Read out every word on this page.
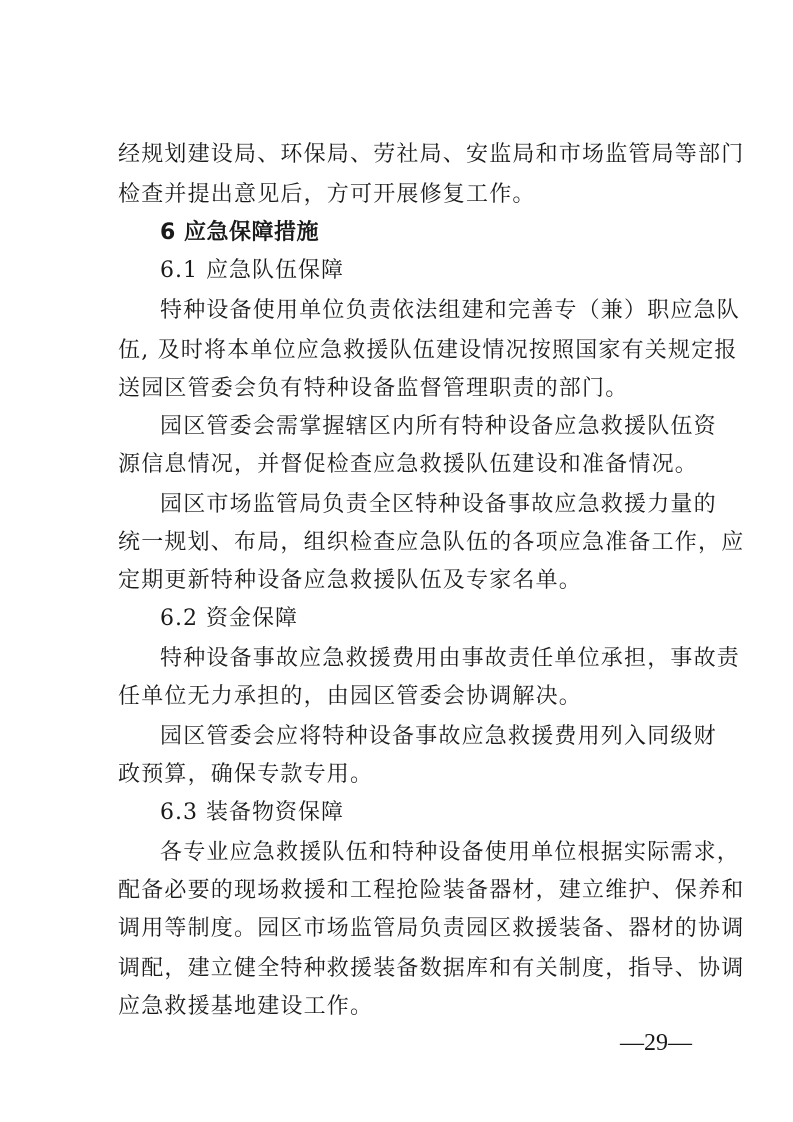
经规划建设局、环保局、劳社局、安监局和市场监管局等部门
检查并提出意见后，方可开展修复工作。
6 应急保障措施
6.1 应急队伍保障
特种设备使用单位负责依法组建和完善专（兼）职应急队
伍, 及时将本单位应急救援队伍建设情况按照国家有关规定报
送园区管委会负有特种设备监督管理职责的部门。
园区管委会需掌握辖区内所有特种设备应急救援队伍资
源信息情况，并督促检查应急救援队伍建设和准备情况。
园区市场监管局负责全区特种设备事故应急救援力量的
统一规划、布局，组织检查应急队伍的各项应急准备工作，应
定期更新特种设备应急救援队伍及专家名单。
6.2 资金保障
特种设备事故应急救援费用由事故责任单位承担，事故责
任单位无力承担的，由园区管委会协调解决。
园区管委会应将特种设备事故应急救援费用列入同级财
政预算，确保专款专用。
6.3 装备物资保障
各专业应急救援队伍和特种设备使用单位根据实际需求，
配备必要的现场救援和工程抢险装备器材，建立维护、保养和
调用等制度。园区市场监管局负责园区救援装备、器材的协调
调配，建立健全特种救援装备数据库和有关制度，指导、协调
应急救援基地建设工作。
—29—
